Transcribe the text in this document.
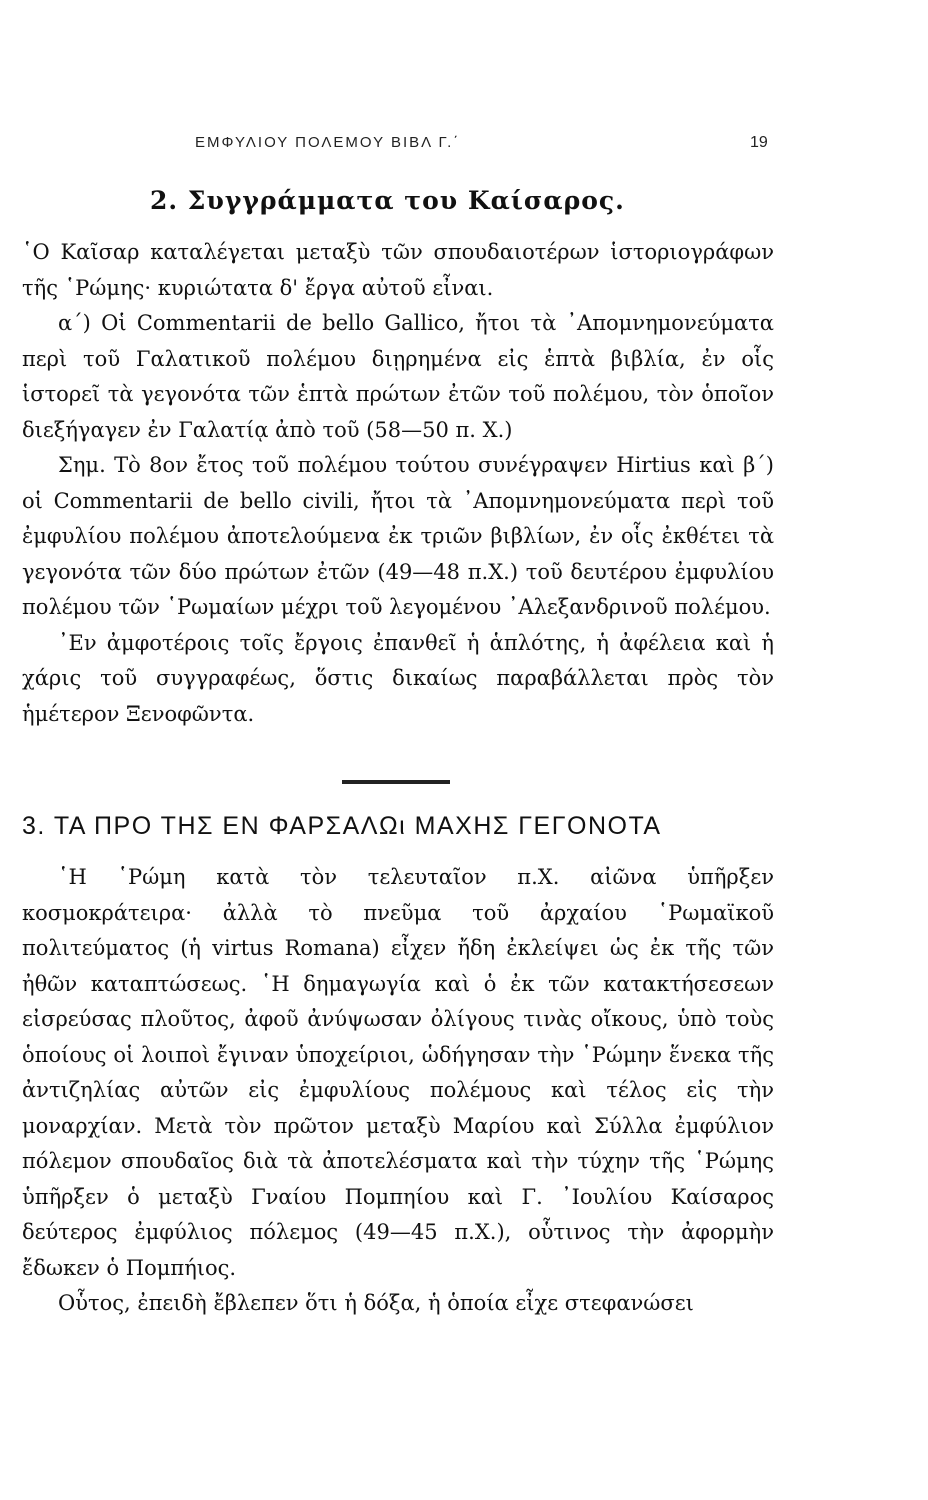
ΕΜΦΥΛΙΟΥ ΠΟΛΕΜΟΥ ΒΙΒΛ Γ.΄	19
2. Συγγράμματα του Καίσαρος.

῾Ο Καῖσαρ καταλέγεται μεταξὺ τῶν σπουδαιοτέρων ἱστοριογράφων τῆς ῾Ρώμης· κυριώτατα δ' ἔργα αὐτοῦ εἶναι.

α΄) Οἱ Commentarii de bello Gallico, ἤτοι τὰ ᾿Απομνημονεύματα περὶ τοῦ Γαλατικοῦ πολέμου διῃρημένα εἰς ἑπτὰ βιβλία, ἐν οἷς ἱστορεῖ τὰ γεγονότα τῶν ἑπτὰ πρώτων ἐτῶν τοῦ πολέμου, τὸν ὁποῖον διεξήγαγεν ἐν Γαλατίᾳ ἀπὸ τοῦ (58—50 π. Χ.)

Σημ. Τὸ 8ον ἔτος τοῦ πολέμου τούτου συνέγραψεν Hirtius καὶ β΄) οἱ Commentarii de bello civili, ἤτοι τὰ ᾿Απομνημονεύματα περὶ τοῦ ἐμφυλίου πολέμου ἀποτελούμενα ἐκ τριῶν βιβλίων, ἐν οἷς ἐκθέτει τὰ γεγονότα τῶν δύο πρώτων ἐτῶν (49—48 π.Χ.) τοῦ δευτέρου ἐμφυλίου πολέμου τῶν ῾Ρωμαίων μέχρι τοῦ λεγομένου ᾿Αλεξανδρινοῦ πολέμου.

᾿Εν ἀμφοτέροις τοῖς ἔργοις ἐπανθεῖ ἡ ἁπλότης, ἡ ἀφέλεια καὶ ἡ χάρις τοῦ συγγραφέως, ὅστις δικαίως παραβάλλεται πρὸς τὸν ἡμέτερον Ξενοφῶντα.

3. ΤΑ ΠΡΟ ΤΗΣ ΕΝ ΦΑΡΣΑΛΩι ΜΑΧΗΣ ΓΕΓΟΝΟΤΑ

῾Η ῾Ρώμη κατὰ τὸν τελευταῖον π.Χ. αἰῶνα ὑπῆρξεν κοσμοκράτειρα· ἀλλὰ τὸ πνεῦμα τοῦ ἀρχαίου ῾Ρωμαϊκοῦ πολιτεύματος (ἡ virtus Romana) εἶχεν ἤδη ἐκλείψει ὡς ἐκ τῆς τῶν ἠθῶν καταπτώσεως. ῾Η δημαγωγία καὶ ὁ ἐκ τῶν κατακτήσεσεων εἰσρεύσας πλοῦτος, ἀφοῦ ἀνύψωσαν ὀλίγους τινὰς οἴκους, ὑπὸ τοὺς ὁποίους οἱ λοιποὶ ἔγιναν ὑποχείριοι, ὡδήγησαν τὴν ῾Ρώμην ἕνεκα τῆς ἀντιζηλίας αὐτῶν εἰς ἐμφυλίους πολέμους καὶ τέλος εἰς τὴν μοναρχίαν. Μετὰ τὸν πρῶτον μεταξὺ Μαρίου καὶ Σύλλα ἐμφύλιον πόλεμον σπουδαῖος διὰ τὰ ἀποτελέσματα καὶ τὴν τύχην τῆς ῾Ρώμης ὑπῆρξεν ὁ μεταξὺ Γναίου Πομπηίου καὶ Γ. ᾿Ιουλίου Καίσαρος δεύτερος ἐμφύλιος πόλεμος (49—45 π.Χ.), οὗτινος τὴν ἀφορμὴν ἔδωκεν ὁ Πομπήιος.

Οὗτος, ἐπειδὴ ἔβλεπεν ὅτι ἡ δόξα, ἡ ὁποία εἶχε στεφανώσει
